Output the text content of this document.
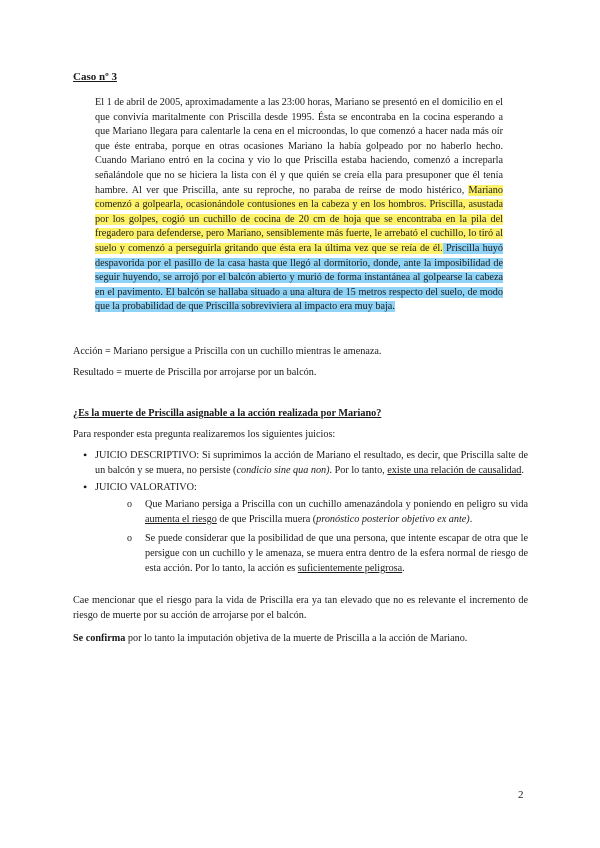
Caso nº 3

El 1 de abril de 2005, aproximadamente a las 23:00 horas, Mariano se presentó en el domicilio en el que convivía maritalmente con Priscilla desde 1995. Ésta se encontraba en la cocina esperando a que Mariano llegara para calentarle la cena en el microondas, lo que comenzó a hacer nada más oír que éste entraba, porque en otras ocasiones Mariano la había golpeado por no haberlo hecho. Cuando Mariano entró en la cocina y vio lo que Priscilla estaba haciendo, comenzó a increparla señalándole que no se hiciera la lista con él y que quién se creía ella para presuponer que él tenía hambre. Al ver que Priscilla, ante su reproche, no paraba de reírse de modo histérico, Mariano comenzó a golpearla, ocasionándole contusiones en la cabeza y en los hombros. Priscilla, asustada por los golpes, cogió un cuchillo de cocina de 20 cm de hoja que se encontraba en la pila del fregadero para defenderse, pero Mariano, sensiblemente más fuerte, le arrebató el cuchillo, lo tiró al suelo y comenzó a perseguirla gritando que ésta era la última vez que se reía de él. Priscilla huyó despavorida por el pasillo de la casa hasta que llegó al dormitorio, donde, ante la imposibilidad de seguir huyendo, se arrojó por el balcón abierto y murió de forma instantánea al golpearse la cabeza en el pavimento. El balcón se hallaba situado a una altura de 15 metros respecto del suelo, de modo que la probabilidad de que Priscilla sobreviviera al impacto era muy baja.

Acción = Mariano persigue a Priscilla con un cuchillo mientras le amenaza.

Resultado = muerte de Priscilla por arrojarse por un balcón.

¿Es la muerte de Priscilla asignable a la acción realizada por Mariano?

Para responder esta pregunta realizaremos los siguientes juicios:

• JUICIO DESCRIPTIVO: Si suprimimos la acción de Mariano el resultado, es decir, que Priscilla salte de un balcón y se muera, no persiste (condicio sine qua non). Por lo tanto, existe una relación de causalidad.
• JUICIO VALORATIVO:
o Que Mariano persiga a Priscilla con un cuchillo amenazándola y poniendo en peligro su vida aumenta el riesgo de que Priscilla muera (pronóstico posterior objetivo ex ante).
o Se puede considerar que la posibilidad de que una persona, que intente escapar de otra que le persigue con un cuchillo y le amenaza, se muera entra dentro de la esfera normal de riesgo de esta acción. Por lo tanto, la acción es suficientemente peligrosa.

Cae mencionar que el riesgo para la vida de Priscilla era ya tan elevado que no es relevante el incremento de riesgo de muerte por su acción de arrojarse por el balcón.

Se confirma por lo tanto la imputación objetiva de la muerte de Priscilla a la acción de Mariano.

2
